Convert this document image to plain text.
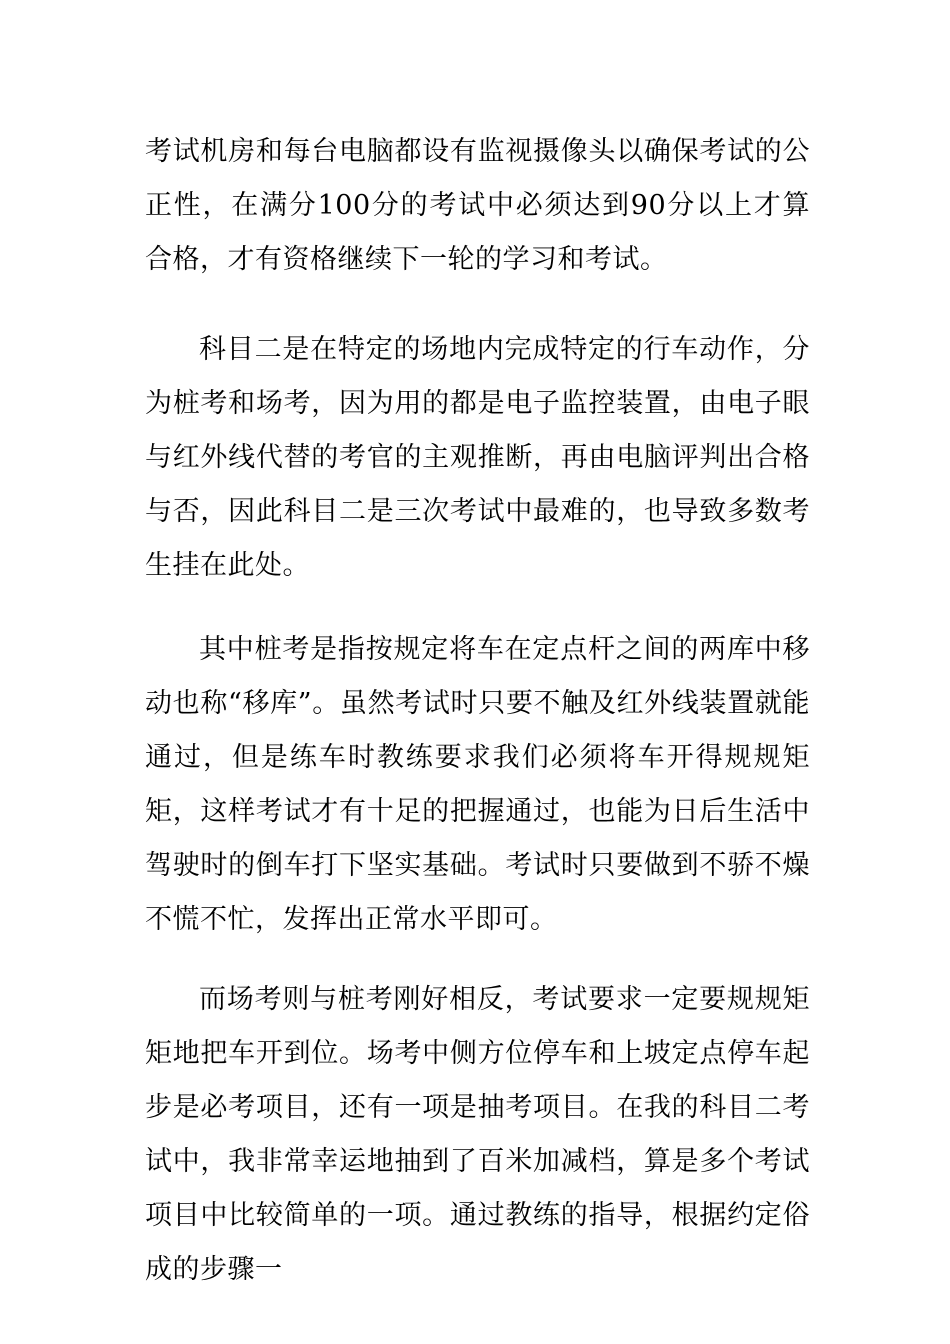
考试机房和每台电脑都设有监视摄像头以确保考试的公正性，在满分100分的考试中必须达到90分以上才算合格，才有资格继续下一轮的学习和考试。

科目二是在特定的场地内完成特定的行车动作，分为桩考和场考，因为用的都是电子监控装置，由电子眼与红外线代替的考官的主观推断，再由电脑评判出合格与否，因此科目二是三次考试中最难的，也导致多数考生挂在此处。

其中桩考是指按规定将车在定点杆之间的两库中移动也称“移库”。虽然考试时只要不触及红外线装置就能通过，但是练车时教练要求我们必须将车开得规规矩矩，这样考试才有十足的把握通过，也能为日后生活中驾驶时的倒车打下坚实基础。考试时只要做到不骄不燥不慌不忙，发挥出正常水平即可。

而场考则与桩考刚好相反，考试要求一定要规规矩矩地把车开到位。场考中侧方位停车和上坡定点停车起步是必考项目，还有一项是抽考项目。在我的科目二考试中，我非常幸运地抽到了百米加减档，算是多个考试项目中比较简单的一项。通过教练的指导，根据约定俗成的步骤一
